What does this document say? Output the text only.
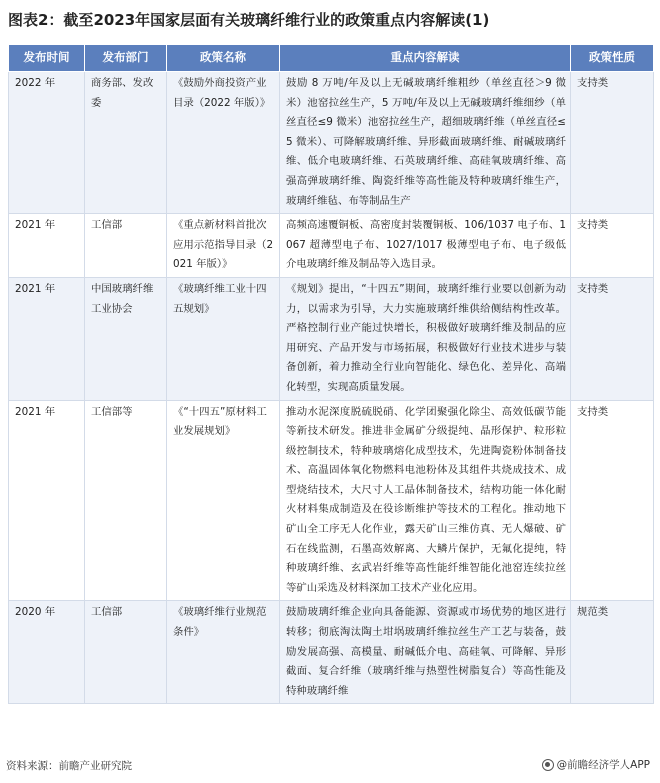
图表2：截至2023年国家层面有关玻璃纤维行业的政策重点内容解读(1)
发布时间	发布部门	政策名称	重点内容解读	政策性质
2022 年	商务部、发改委	《鼓励外商投资产业目录（2022 年版）》	鼓励 8 万吨/年及以上无碱玻璃纤维粗纱（单丝直径＞9 微米）池窑拉丝生产，5 万吨/年及以上无碱玻璃纤维细纱（单丝直径≤9 微米）池窑拉丝生产，超细玻璃纤维（单丝直径≤5 微米）、可降解玻璃纤维、异形截面玻璃纤维、耐碱玻璃纤维、低介电玻璃纤维、石英玻璃纤维、高硅氧玻璃纤维、高强高弹玻璃纤维、陶瓷纤维等高性能及特种玻璃纤维生产，玻璃纤维毡、布等制品生产	支持类
2021 年	工信部	《重点新材料首批次应用示范指导目录（2021 年版）》	高频高速覆铜板、高密度封装覆铜板、106/1037 电子布、1067 超薄型电子布、1027/1017 极薄型电子布、电子级低介电玻璃纤维及制品等入选目录。	支持类
2021 年	中国玻璃纤维工业协会	《玻璃纤维工业十四五规划》	《规划》提出，“十四五”期间，玻璃纤维行业要以创新为动力，以需求为引导，大力实施玻璃纤维供给侧结构性改革。严格控制行业产能过快增长，积极做好玻璃纤维及制品的应用研究、产品开发与市场拓展，积极做好行业技术进步与装备创新，着力推动全行业向智能化、绿色化、差异化、高端化转型，实现高质量发展。	支持类
2021 年	工信部等	《“十四五”原材料工业发展规划》	推动水泥深度脱硫脱硝、化学团聚强化除尘、高效低碳节能等新技术研发。推进非金属矿分级提纯、晶形保护、粒形粒级控制技术，特种玻璃熔化成型技术，先进陶瓷粉体制备技术、高温固体氧化物燃料电池粉体及其组件共烧成技术、成型烧结技术，大尺寸人工晶体制备技术，结构功能一体化耐火材料集成制造及在役诊断维护等技术的工程化。推动地下矿山全工序无人化作业，露天矿山三维仿真、无人爆破、矿石在线监测，石墨高效解离、大鳞片保护，无氟化提纯，特种玻璃纤维、玄武岩纤维等高性能纤维智能化池窑连续拉丝等矿山采选及材料深加工技术产业化应用。	支持类
2020 年	工信部	《玻璃纤维行业规范条件》	鼓励玻璃纤维企业向具备能源、资源或市场优势的地区进行转移；彻底淘汰陶土坩埚玻璃纤维拉丝生产工艺与装备，鼓励发展高强、高模量、耐碱低介电、高硅氧、可降解、异形截面、复合纤维（玻璃纤维与热塑性树脂复合）等高性能及特种玻璃纤维	规范类
资料来源：前瞻产业研究院	@前瞻经济学人APP
